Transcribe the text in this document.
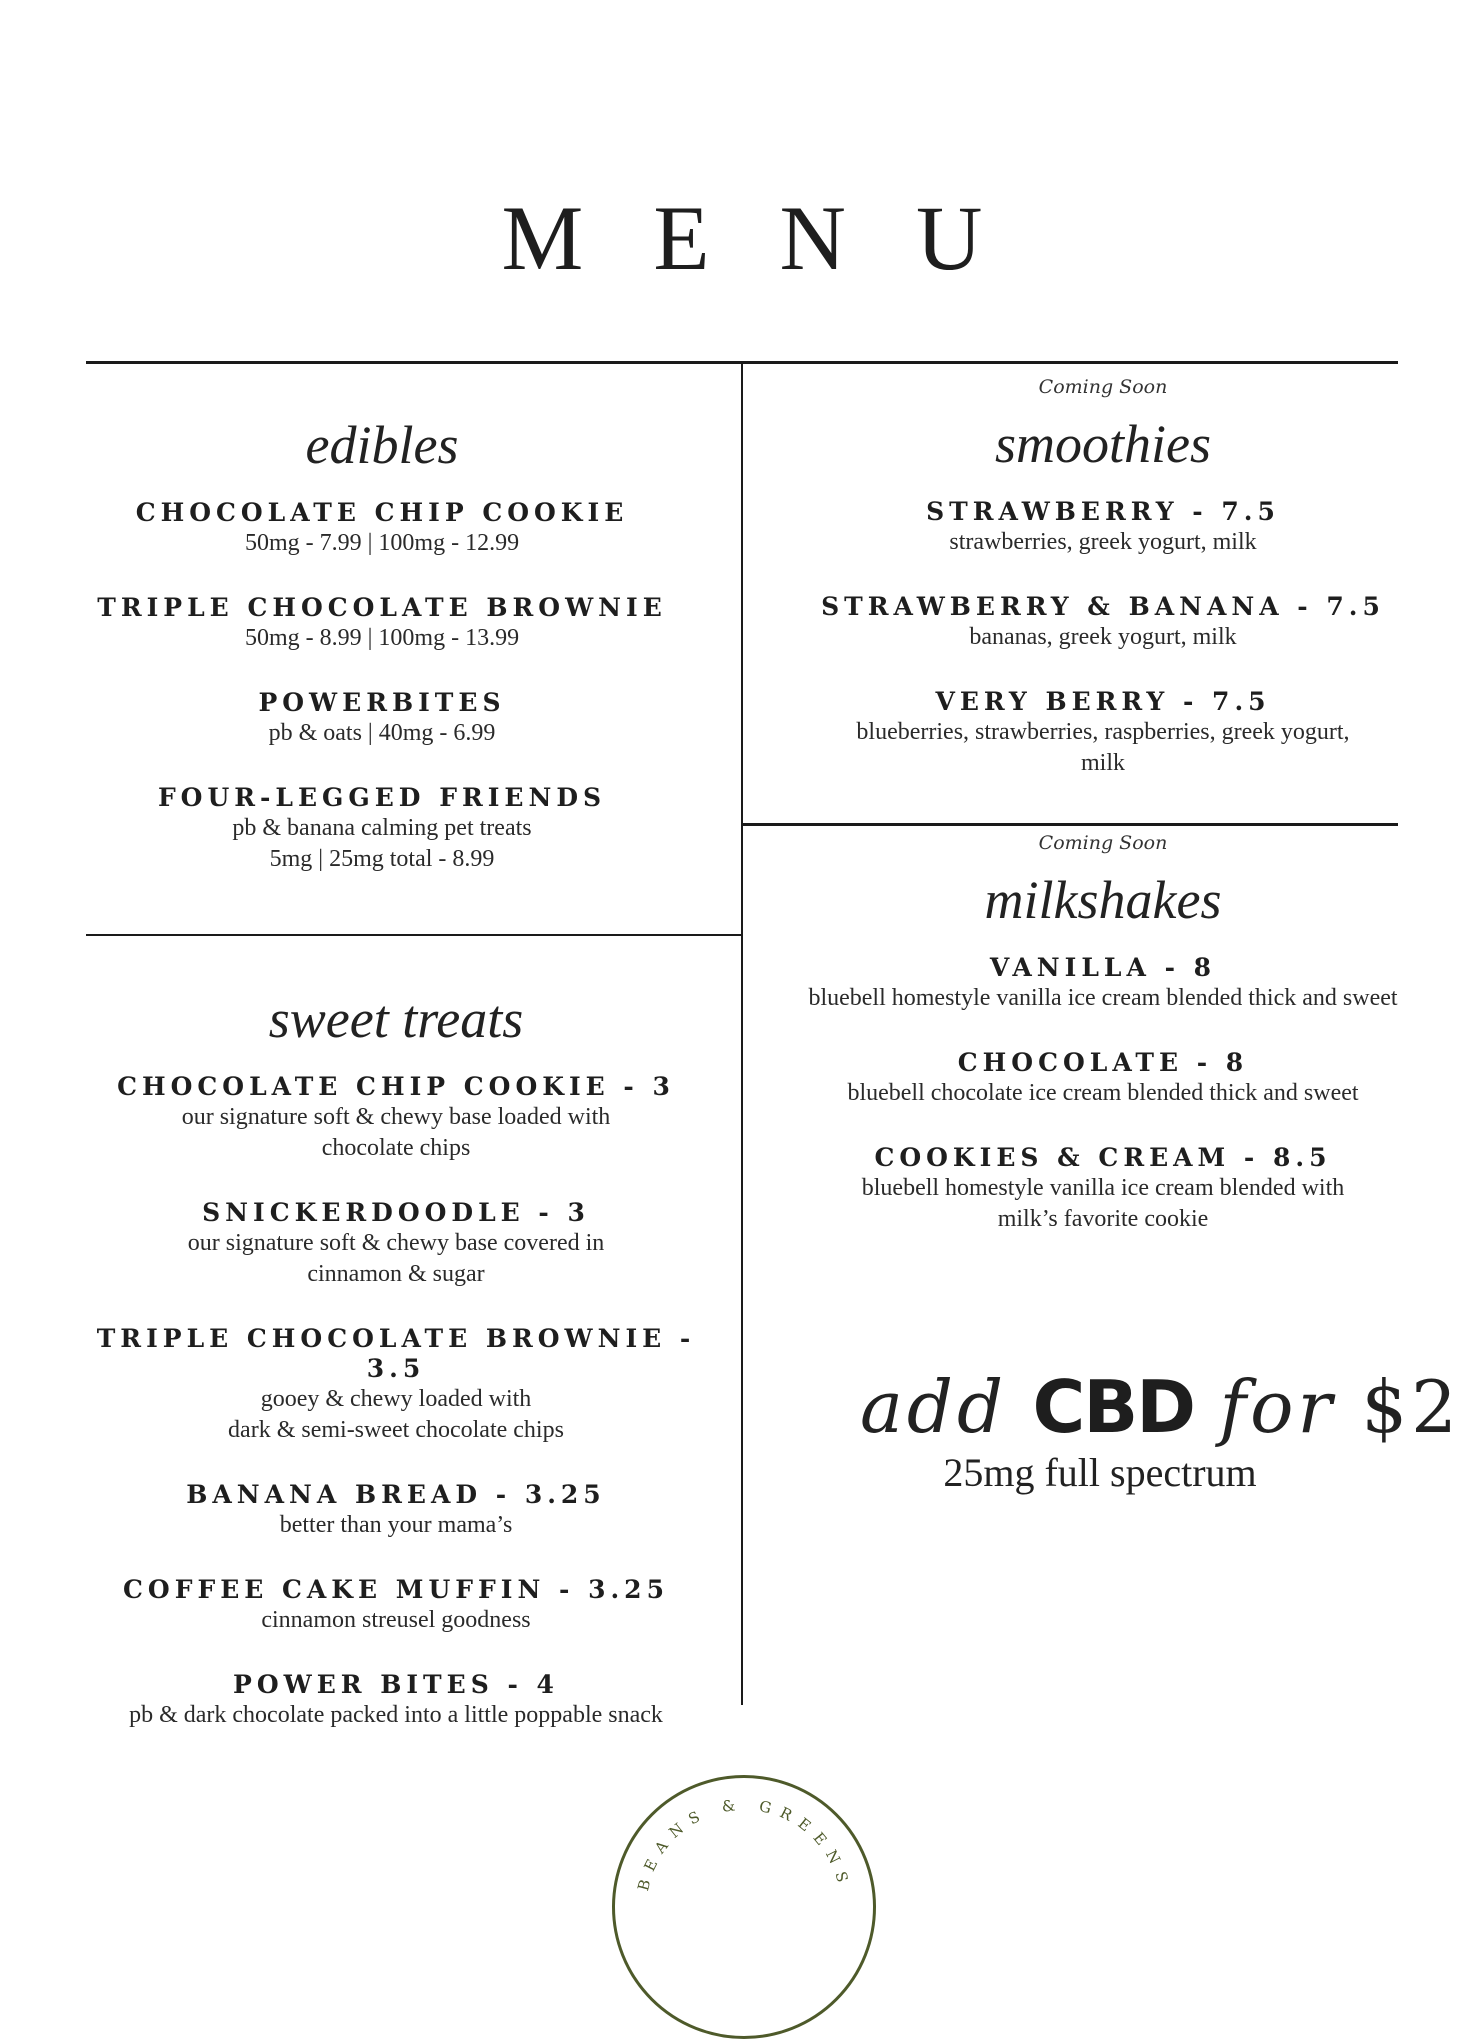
MENU
edibles
CHOCOLATE CHIP COOKIE
50mg - 7.99 | 100mg - 12.99
TRIPLE CHOCOLATE BROWNIE
50mg - 8.99 | 100mg - 13.99
POWERBITES
pb & oats | 40mg - 6.99
FOUR-LEGGED FRIENDS
pb & banana calming pet treats
5mg | 25mg total - 8.99
sweet treats
CHOCOLATE CHIP COOKIE - 3
our signature soft & chewy base loaded with
chocolate chips
SNICKERDOODLE - 3
our signature soft & chewy base covered in
cinnamon & sugar
TRIPLE CHOCOLATE BROWNIE - 3.5
gooey & chewy loaded with
dark & semi-sweet chocolate chips
BANANA BREAD - 3.25
better than your mama’s
COFFEE CAKE MUFFIN - 3.25
cinnamon streusel goodness
POWER BITES - 4
pb & dark chocolate packed into a little poppable snack
Coming Soon
smoothies
STRAWBERRY - 7.5
strawberries, greek yogurt, milk
STRAWBERRY & BANANA - 7.5
bananas, greek yogurt, milk
VERY BERRY - 7.5
blueberries, strawberries, raspberries, greek yogurt,
milk
Coming Soon
milkshakes
VANILLA - 8
bluebell homestyle vanilla ice cream blended thick and sweet
CHOCOLATE - 8
bluebell chocolate ice cream blended thick and sweet
COOKIES & CREAM - 8.5
bluebell homestyle vanilla ice cream blended with
milk’s favorite cookie
add CBD for $2
25mg full spectrum
BEANS & GREENS
